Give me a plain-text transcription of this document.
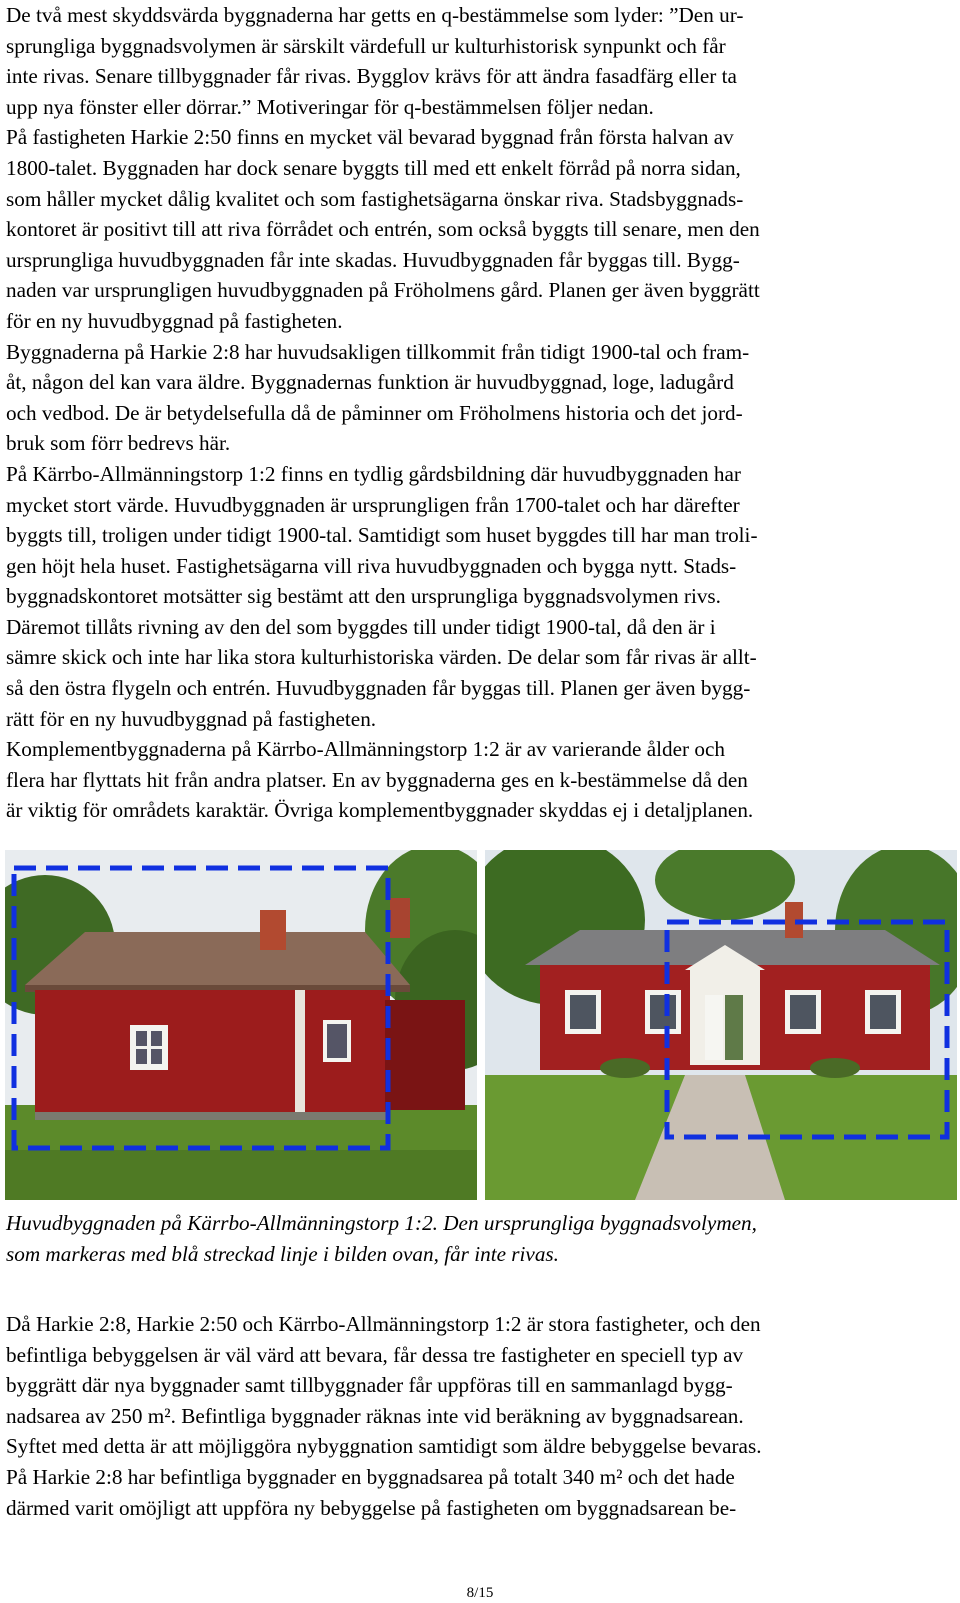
De två mest skyddsvärda byggnaderna har getts en q-bestämmelse som lyder: ”Den ur-

sprungliga byggnadsvolymen är särskilt värdefull ur kulturhistorisk synpunkt och får

inte rivas. Senare tillbyggnader får rivas. Bygglov krävs för att ändra fasadfärg eller ta

upp nya fönster eller dörrar.” Motiveringar för q-bestämmelsen följer nedan.

På fastigheten Harkie 2:50 finns en mycket väl bevarad byggnad från första halvan av

1800-talet. Byggnaden har dock senare byggts till med ett enkelt förråd på norra sidan,

som håller mycket dålig kvalitet och som fastighetsägarna önskar riva. Stadsbyggnads-

kontoret är positivt till att riva förrådet och entrén, som också byggts till senare, men den

ursprungliga huvudbyggnaden får inte skadas. Huvudbyggnaden får byggas till. Bygg-

naden var ursprungligen huvudbyggnaden på Fröholmens gård. Planen ger även byggrätt

för en ny huvudbyggnad på fastigheten.

Byggnaderna på Harkie 2:8 har huvudsakligen tillkommit från tidigt 1900-tal och fram-

åt, någon del kan vara äldre. Byggnadernas funktion är huvudbyggnad, loge, ladugård

och vedbod. De är betydelsefulla då de påminner om Fröholmens historia och det jord-

bruk som förr bedrevs här.

På Kärrbo-Allmänningstorp 1:2 finns en tydlig gårdsbildning där huvudbyggnaden har

mycket stort värde. Huvudbyggnaden är ursprungligen från 1700-talet och har därefter

byggts till, troligen under tidigt 1900-tal. Samtidigt som huset byggdes till har man troli-

gen höjt hela huset. Fastighetsägarna vill riva huvudbyggnaden och bygga nytt. Stads-

byggnadskontoret motsätter sig bestämt att den ursprungliga byggnadsvolymen rivs.

Däremot tillåts rivning av den del som byggdes till under tidigt 1900-tal, då den är i

sämre skick och inte har lika stora kulturhistoriska värden. De delar som får rivas är allt-

så den östra flygeln och entrén. Huvudbyggnaden får byggas till. Planen ger även bygg-

rätt för en ny huvudbyggnad på fastigheten.

Komplementbyggnaderna på Kärrbo-Allmänningstorp 1:2 är av varierande ålder och

flera har flyttats hit från andra platser. En av byggnaderna ges en k-bestämmelse då den

är viktig för områdets karaktär. Övriga komplementbyggnader skyddas ej i detaljplanen.

Huvudbyggnaden på Kärrbo-Allmänningstorp 1:2. Den ursprungliga byggnadsvolymen,

som markeras med blå streckad linje i bilden ovan, får inte rivas.

Då Harkie 2:8, Harkie 2:50 och Kärrbo-Allmänningstorp 1:2 är stora fastigheter, och den

befintliga bebyggelsen är väl värd att bevara, får dessa tre fastigheter en speciell typ av

byggrätt där nya byggnader samt tillbyggnader får uppföras till en sammanlagd bygg-

nadsarea av 250 m². Befintliga byggnader räknas inte vid beräkning av byggnadsarean.

Syftet med detta är att möjliggöra nybyggnation samtidigt som äldre bebyggelse bevaras.

På Harkie 2:8 har befintliga byggnader en byggnadsarea på totalt 340 m² och det hade

därmed varit omöjligt att uppföra ny bebyggelse på fastigheten om byggnadsarean be-

8/15
